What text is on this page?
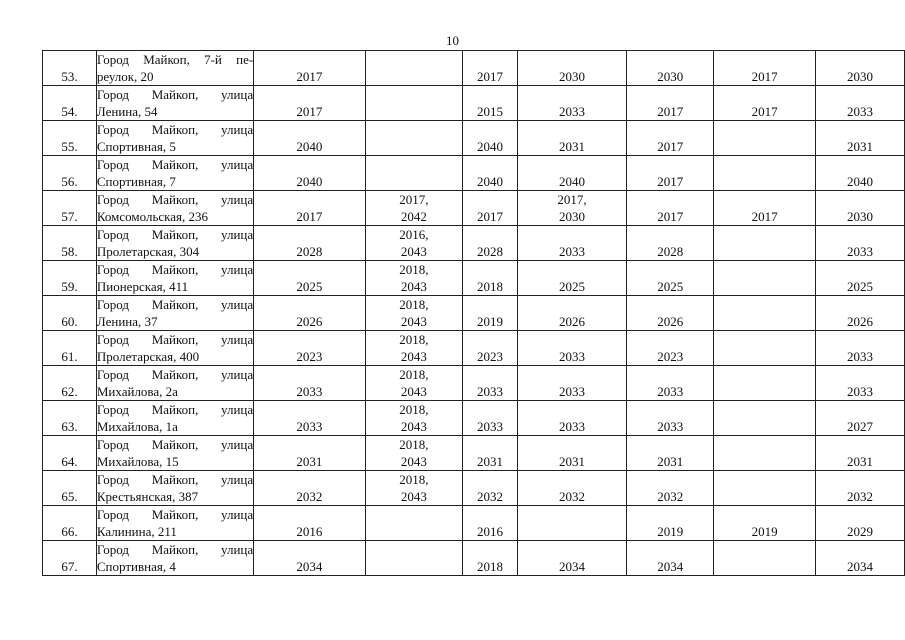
10
53.	Город Майкоп, 7-й пе-
реулок, 20	2017		2017	2030	2030	2017	2030
54.	Город Майкоп, улица
Ленина, 54	2017		2015	2033	2017	2017	2033
55.	Город Майкоп, улица
Спортивная, 5	2040		2040	2031	2017		2031
56.	Город Майкоп, улица
Спортивная, 7	2040		2040	2040	2017		2040
57.	Город Майкоп, улица
Комсомольская, 236	2017	2017,
2042	2017	2017,
2030	2017	2017	2030
58.	Город Майкоп, улица
Пролетарская, 304	2028	2016,
2043	2028	2033	2028		2033
59.	Город Майкоп, улица
Пионерская, 411	2025	2018,
2043	2018	2025	2025		2025
60.	Город Майкоп, улица
Ленина, 37	2026	2018,
2043	2019	2026	2026		2026
61.	Город Майкоп, улица
Пролетарская, 400	2023	2018,
2043	2023	2033	2023		2033
62.	Город Майкоп, улица
Михайлова, 2а	2033	2018,
2043	2033	2033	2033		2033
63.	Город Майкоп, улица
Михайлова, 1а	2033	2018,
2043	2033	2033	2033		2027
64.	Город Майкоп, улица
Михайлова, 15	2031	2018,
2043	2031	2031	2031		2031
65.	Город Майкоп, улица
Крестьянская, 387	2032	2018,
2043	2032	2032	2032		2032
66.	Город Майкоп, улица
Калинина, 211	2016		2016		2019	2019	2029
67.	Город Майкоп, улица
Спортивная, 4	2034		2018	2034	2034		2034
